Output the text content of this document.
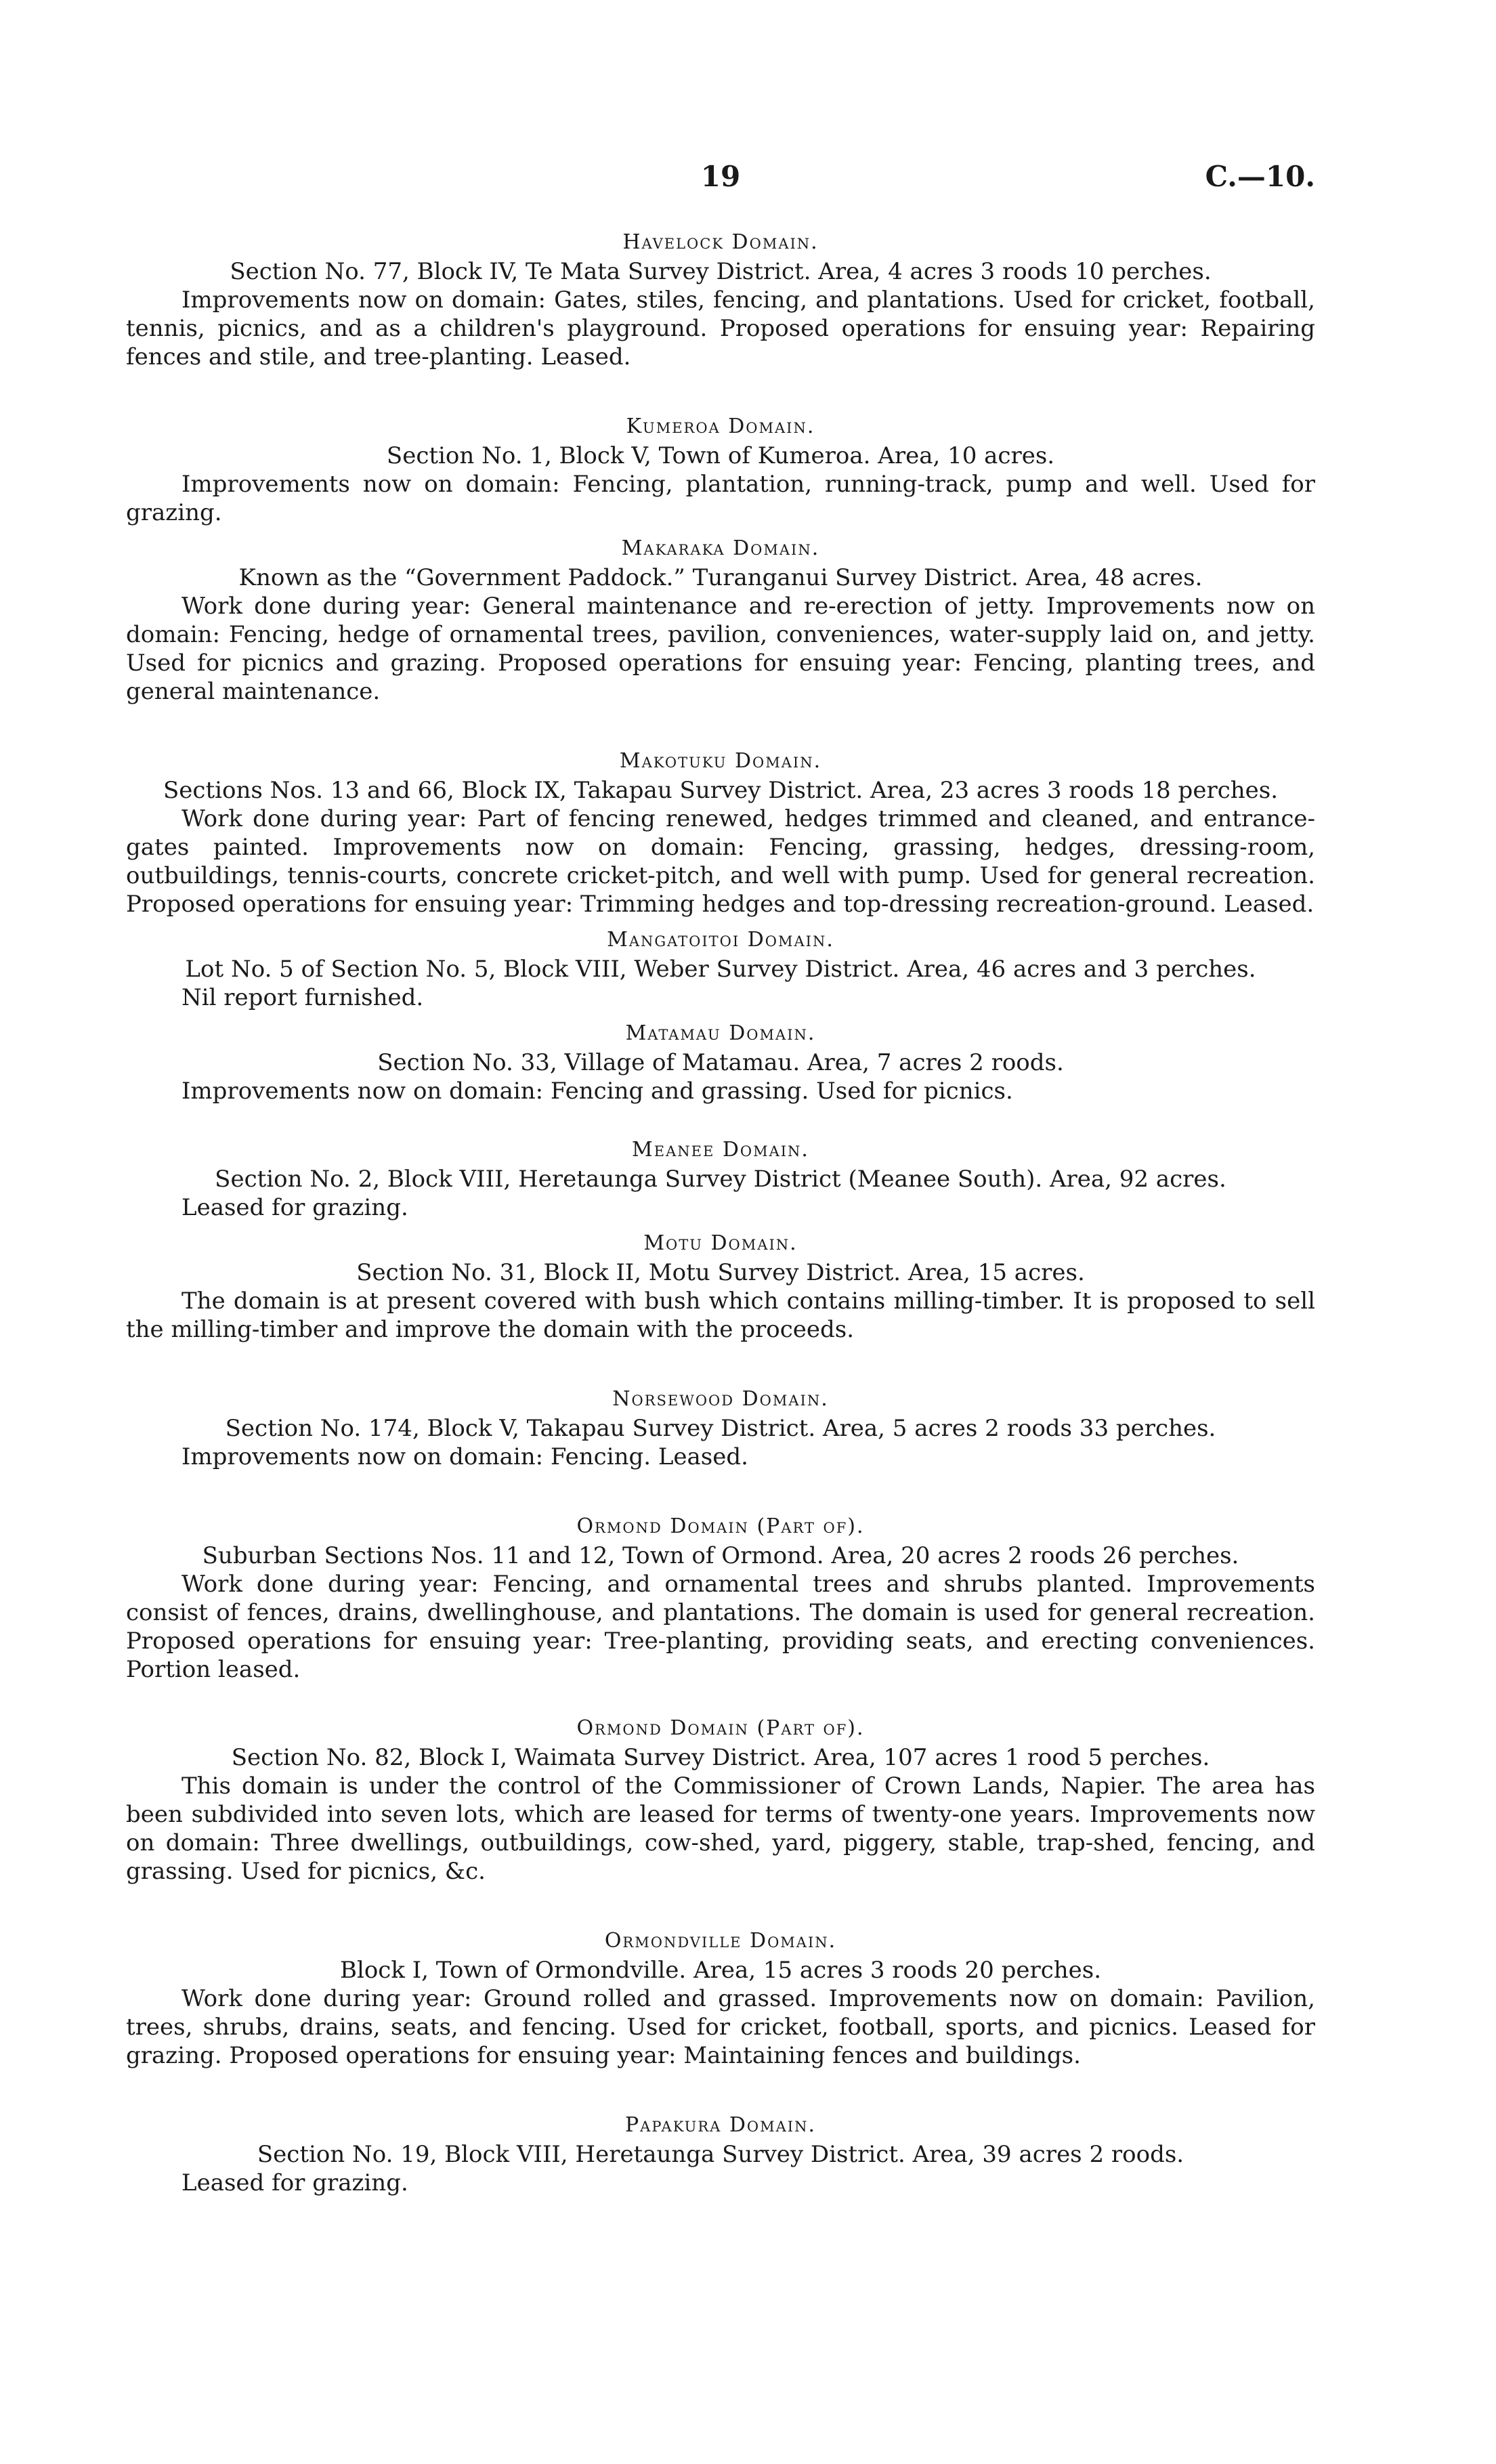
19	C.—10.

Havelock Domain.

Section No. 77, Block IV, Te Mata Survey District. Area, 4 acres 3 roods 10 perches.

Improvements now on domain: Gates, stiles, fencing, and plantations. Used for cricket, football, tennis, picnics, and as a children's playground. Proposed operations for ensuing year: Repairing fences and stile, and tree-planting. Leased.

Kumeroa Domain.

Section No. 1, Block V, Town of Kumeroa. Area, 10 acres.

Improvements now on domain: Fencing, plantation, running-track, pump and well. Used for grazing.

Makaraka Domain.

Known as the “Government Paddock.” Turanganui Survey District. Area, 48 acres.

Work done during year: General maintenance and re-erection of jetty. Improvements now on domain: Fencing, hedge of ornamental trees, pavilion, conveniences, water-supply laid on, and jetty. Used for picnics and grazing. Proposed operations for ensuing year: Fencing, planting trees, and general maintenance.

Makotuku Domain.

Sections Nos. 13 and 66, Block IX, Takapau Survey District. Area, 23 acres 3 roods 18 perches.

Work done during year: Part of fencing renewed, hedges trimmed and cleaned, and entrance-gates painted. Improvements now on domain: Fencing, grassing, hedges, dressing-room, outbuildings, tennis-courts, concrete cricket-pitch, and well with pump. Used for general recreation. Proposed operations for ensuing year: Trimming hedges and top-dressing recreation-ground. Leased.

Mangatoitoi Domain.

Lot No. 5 of Section No. 5, Block VIII, Weber Survey District. Area, 46 acres and 3 perches.

Nil report furnished.

Matamau Domain.

Section No. 33, Village of Matamau. Area, 7 acres 2 roods.

Improvements now on domain: Fencing and grassing. Used for picnics.

Meanee Domain.

Section No. 2, Block VIII, Heretaunga Survey District (Meanee South). Area, 92 acres.

Leased for grazing.

Motu Domain.

Section No. 31, Block II, Motu Survey District. Area, 15 acres.

The domain is at present covered with bush which contains milling-timber. It is proposed to sell the milling-timber and improve the domain with the proceeds.

Norsewood Domain.

Section No. 174, Block V, Takapau Survey District. Area, 5 acres 2 roods 33 perches.

Improvements now on domain: Fencing. Leased.

Ormond Domain (Part of).

Suburban Sections Nos. 11 and 12, Town of Ormond. Area, 20 acres 2 roods 26 perches.

Work done during year: Fencing, and ornamental trees and shrubs planted. Improvements consist of fences, drains, dwellinghouse, and plantations. The domain is used for general recreation. Proposed operations for ensuing year: Tree-planting, providing seats, and erecting conveniences. Portion leased.

Ormond Domain (Part of).

Section No. 82, Block I, Waimata Survey District. Area, 107 acres 1 rood 5 perches.

This domain is under the control of the Commissioner of Crown Lands, Napier. The area has been subdivided into seven lots, which are leased for terms of twenty-one years. Improvements now on domain: Three dwellings, outbuildings, cow-shed, yard, piggery, stable, trap-shed, fencing, and grassing. Used for picnics, &c.

Ormondville Domain.

Block I, Town of Ormondville. Area, 15 acres 3 roods 20 perches.

Work done during year: Ground rolled and grassed. Improvements now on domain: Pavilion, trees, shrubs, drains, seats, and fencing. Used for cricket, football, sports, and picnics. Leased for grazing. Proposed operations for ensuing year: Maintaining fences and buildings.

Papakura Domain.

Section No. 19, Block VIII, Heretaunga Survey District. Area, 39 acres 2 roods.

Leased for grazing.
